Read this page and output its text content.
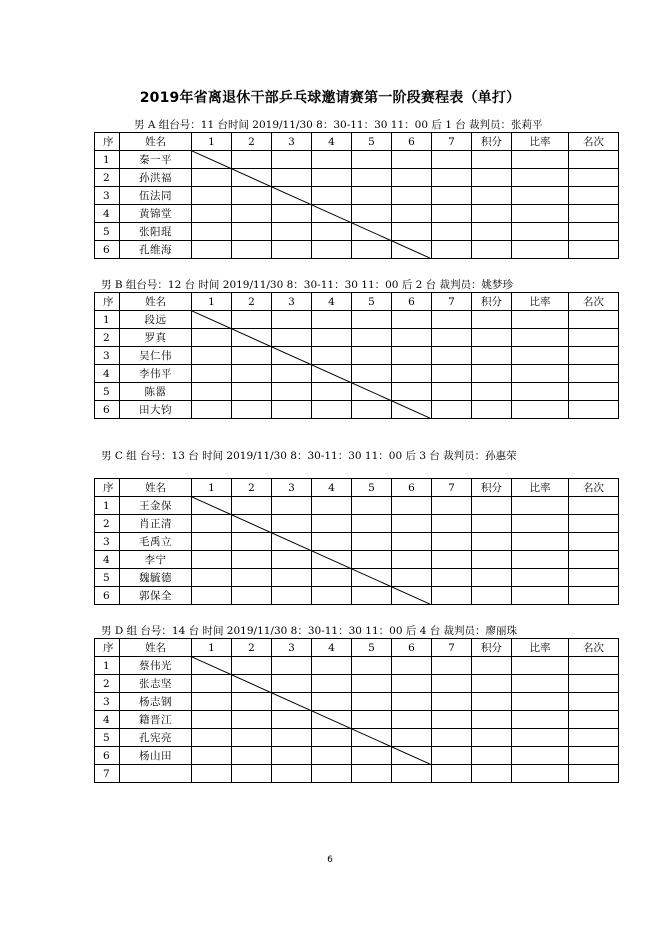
2019年省离退休干部乒乓球邀请赛第一阶段赛程表（单打）
男 A 组台号：11 台时间 2019/11/30 8：30-11：30 11：00 后 1 台 裁判员：张莉平
序	姓名	1	2	3	4	5	6	7	积分	比率	名次
1	秦一平										
2	孙洪福										
3	伍法同										
4	黄锦堂										
5	张阳琨										
6	孔维海										
男 B 组台号：12 台 时间 2019/11/30 8：30-11：30 11：00 后 2 台 裁判员：姚梦珍
序	姓名	1	2	3	4	5	6	7	积分	比率	名次
1	段远										
2	罗真										
3	吴仁伟										
4	李伟平										
5	陈嚣										
6	田大钧										
男 C 组 台号：13 台 时间 2019/11/30 8：30-11：30 11：00 后 3 台 裁判员：孙惠荣
序	姓名	1	2	3	4	5	6	7	积分	比率	名次
1	王金保										
2	肖正清										
3	毛禹立										
4	李宁										
5	魏毓德										
6	郭保全										
男 D 组 台号：14 台 时间 2019/11/30 8：30-11：30 11：00 后 4 台 裁判员：廖丽珠
序	姓名	1	2	3	4	5	6	7	积分	比率	名次
1	蔡伟光										
2	张志坚										
3	杨志钢										
4	籍晋江										
5	孔宪亮										
6	杨山田										
7											
6
